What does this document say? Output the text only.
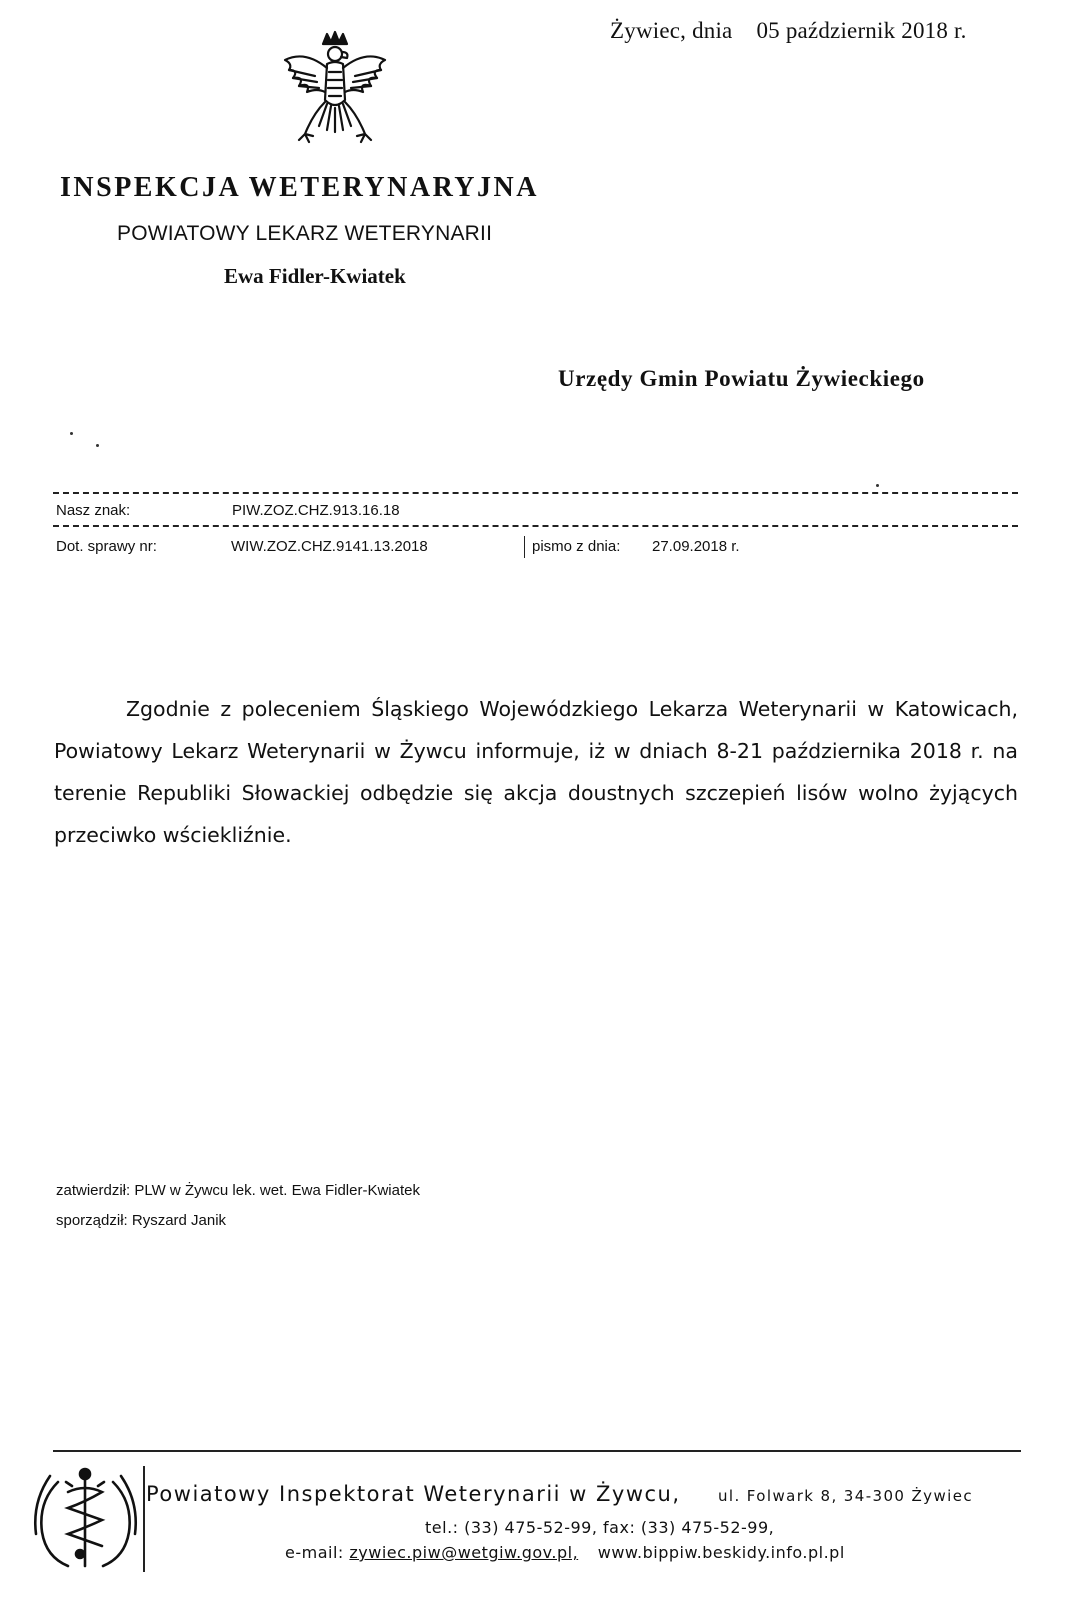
Żywiec, dnia 05 październik 2018 r.
INSPEKCJA WETERYNARYJNA
POWIATOWY LEKARZ WETERYNARII
Ewa Fidler-Kwiatek
Urzędy Gmin Powiatu Żywieckiego
Nasz znak:	PIW.ZOZ.CHZ.913.16.18
Dot. sprawy nr:	WIW.ZOZ.CHZ.9141.13.2018	pismo z dnia: 27.09.2018 r.
Zgodnie z poleceniem Śląskiego Wojewódzkiego Lekarza Weterynarii w Katowicach, Powiatowy Lekarz Weterynarii w Żywcu informuje, iż w dniach 8-21 października 2018 r. na terenie Republiki Słowackiej odbędzie się akcja doustnych szczepień lisów wolno żyjących przeciwko wściekliźnie.
zatwierdził: PLW w Żywcu lek. wet. Ewa Fidler-Kwiatek
sporządził: Ryszard Janik
Powiatowy Inspektorat Weterynarii w Żywcu, ul. Folwark 8, 34-300 Żywiec
tel.: (33) 475-52-99, fax: (33) 475-52-99,
e-mail: zywiec.piw@wetgiw.gov.pl, www.bippiw.beskidy.info.pl.pl
